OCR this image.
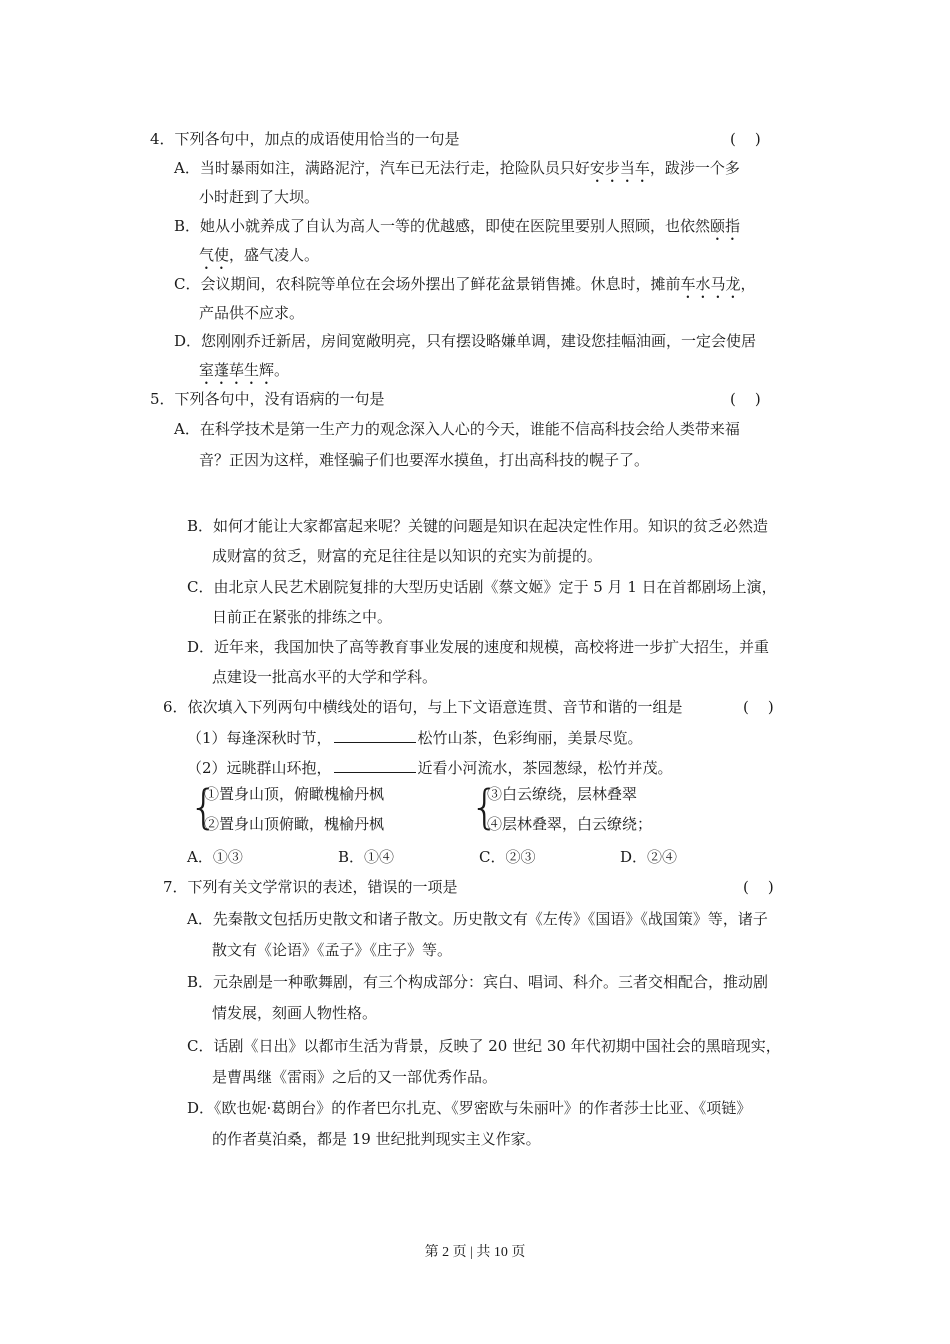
4．下列各句中，加点的成语使用恰当的一句是	(    )
A．当时暴雨如注，满路泥泞，汽车已无法行走，抢险队员只好安步当车，跋涉一个多
小时赶到了大坝。
B．她从小就养成了自认为高人一等的优越感，即使在医院里要别人照顾，也依然颐指
气使，盛气凌人。
C．会议期间，农科院等单位在会场外摆出了鲜花盆景销售摊。休息时，摊前车水马龙，
产品供不应求。
D．您刚刚乔迁新居，房间宽敞明亮，只有摆设略嫌单调，建设您挂幅油画，一定会使居
室蓬荜生辉。
5．下列各句中，没有语病的一句是	(    )
A．在科学技术是第一生产力的观念深入人心的今天，谁能不信高科技会给人类带来福
音？正因为这样，难怪骗子们也要浑水摸鱼，打出高科技的幌子了。
B．如何才能让大家都富起来呢？关键的问题是知识在起决定性作用。知识的贫乏必然造
成财富的贫乏，财富的充足往往是以知识的充实为前提的。
C．由北京人民艺术剧院复排的大型历史话剧《蔡文姬》定于 5 月 1 日在首都剧场上演，
日前正在紧张的排练之中。
D．近年来，我国加快了高等教育事业发展的速度和规模，高校将进一步扩大招生，并重
点建设一批高水平的大学和学科。
6．依次填入下列两句中横线处的语句，与上下文语意连贯、音节和谐的一组是	(    )
（1）每逢深秋时节，	松竹山茶，色彩绚丽，美景尽览。
（2）远眺群山环抱，	近看小河流水，茶园葱绿，松竹并茂。
{
①置身山顶，俯瞰槐榆丹枫
②置身山顶俯瞰，槐榆丹枫 {
③白云缭绕，层林叠翠
④层林叠翠，白云缭绕；
A．①③	B．①④	C．②③	D．②④
7．下列有关文学常识的表述，错误的一项是	(    )
A．先秦散文包括历史散文和诸子散文。历史散文有《左传》《国语》《战国策》等，诸子
散文有《论语》《孟子》《庄子》等。
B．元杂剧是一种歌舞剧，有三个构成部分：宾白、唱词、科介。三者交相配合，推动剧
情发展，刻画人物性格。
C．话剧《日出》以都市生活为背景，反映了 20 世纪 30 年代初期中国社会的黑暗现实，
是曹禺继《雷雨》之后的又一部优秀作品。
D．《欧也妮·葛朗台》的作者巴尔扎克、《罗密欧与朱丽叶》的作者莎士比亚、《项链》
的作者莫泊桑，都是 19 世纪批判现实主义作家。
第 2 页 | 共 10 页
